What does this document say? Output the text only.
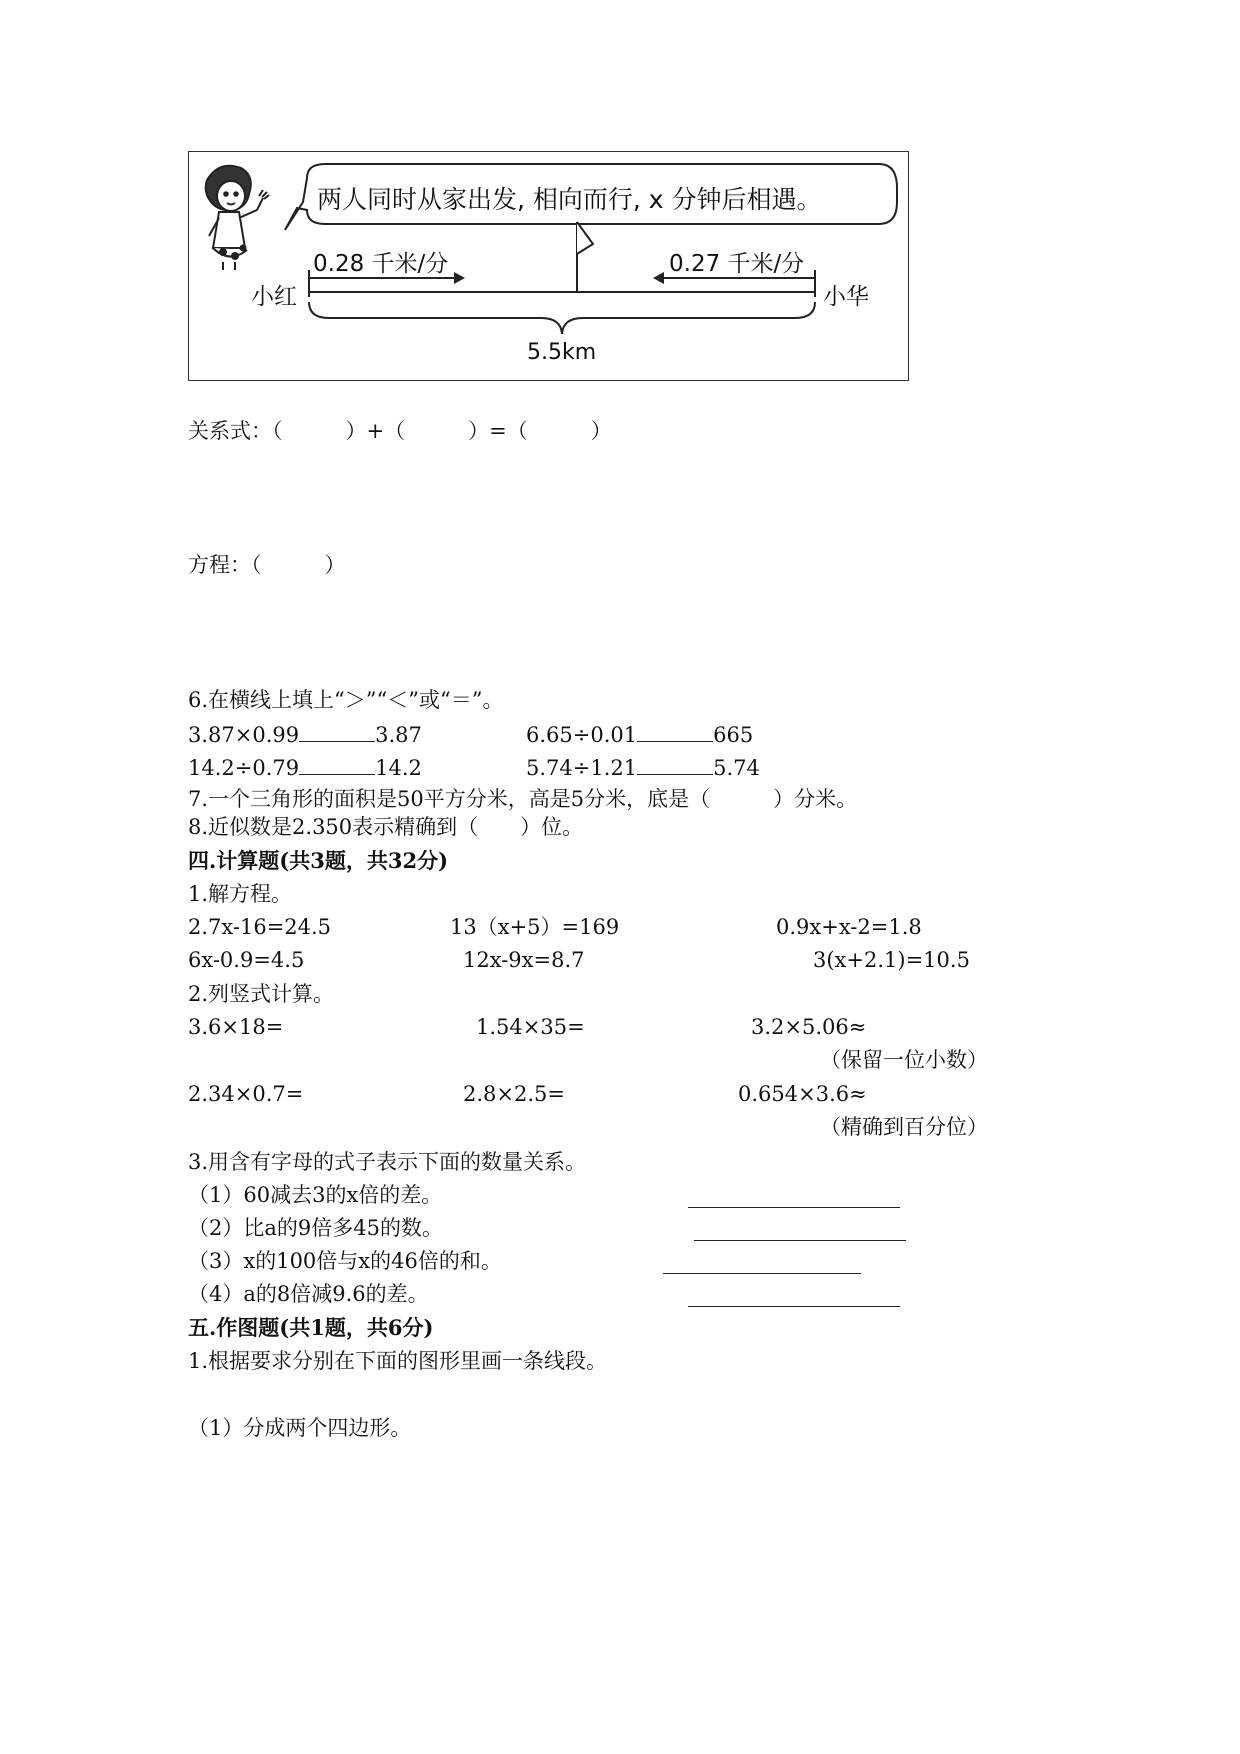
两人同时从家出发, 相向而行, x 分钟后相遇。
0.28 千米/分	0.27 千米/分
小红	小华
5.5km
关系式：（　　　）+（　　　）=（　　　）
方程：（　　　）
6.在横线上填上“＞”“＜”或“＝”。
3.87×0.99	3.87	6.65÷0.01	665
14.2÷0.79	14.2	5.74÷1.21	5.74
7.一个三角形的面积是50平方分米，高是5分米，底是（　　　）分米。
8.近似数是2.350表示精确到（　　）位。
四.计算题(共3题，共32分)
1.解方程。
2.7x-16=24.5	13（x+5）=169	0.9x+x-2=1.8
6x-0.9=4.5	12x-9x=8.7	3(x+2.1)=10.5
2.列竖式计算。
3.6×18=	1.54×35=	3.2×5.06≈
（保留一位小数）
2.34×0.7=	2.8×2.5=	0.654×3.6≈
（精确到百分位）
3.用含有字母的式子表示下面的数量关系。
（1）60减去3的x倍的差。
（2）比a的9倍多45的数。
（3）x的100倍与x的46倍的和。
（4）a的8倍减9.6的差。
五.作图题(共1题，共6分)
1.根据要求分别在下面的图形里画一条线段。
（1）分成两个四边形。
